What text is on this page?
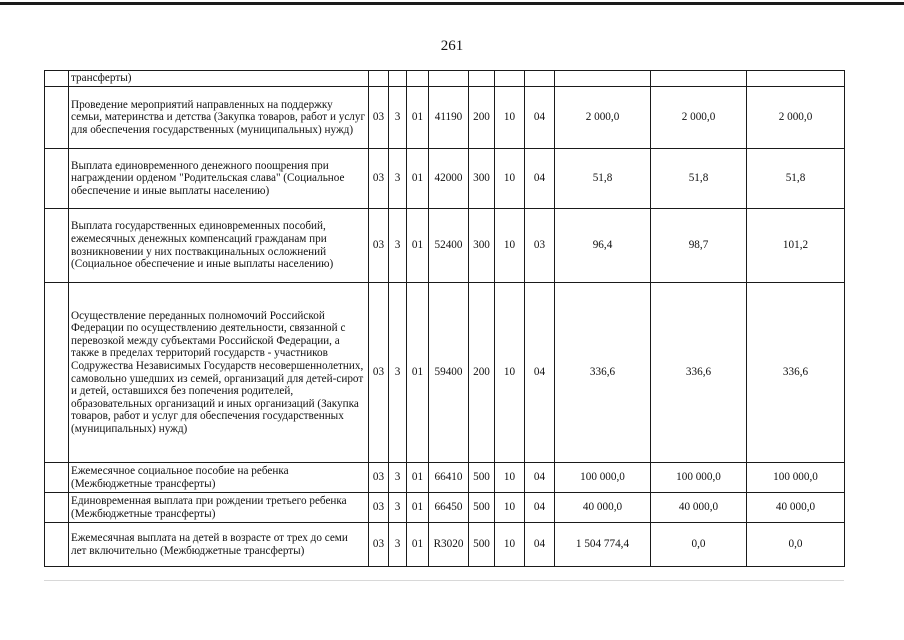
261
	трансферты)										
	Проведение мероприятий направленных на поддержку семьи, материнства и детства (Закупка товаров, работ и услуг для обеспечения государственных (муниципальных) нужд)	03	3	01	41190	200	10	04	2 000,0	2 000,0	2 000,0
	Выплата единовременного денежного поощрения при награждении орденом "Родительская слава" (Социальное обеспечение и иные выплаты населению)	03	3	01	42000	300	10	04	51,8	51,8	51,8
	Выплата государственных единовременных пособий, ежемесячных денежных компенсаций гражданам при возникновении у них поствакцинальных осложнений (Социальное обеспечение и иные выплаты населению)	03	3	01	52400	300	10	03	96,4	98,7	101,2
	Осуществление переданных полномочий Российской Федерации по осуществлению деятельности, связанной с перевозкой между субъектами Российской Федерации, а также в пределах территорий государств - участников Содружества Независимых Государств несовершеннолетних, самовольно ушедших из семей, организаций для детей-сирот и детей, оставшихся без попечения родителей, образовательных организаций и иных организаций (Закупка товаров, работ и услуг для обеспечения государственных (муниципальных) нужд)	03	3	01	59400	200	10	04	336,6	336,6	336,6
	Ежемесячное социальное пособие на ребенка (Межбюджетные трансферты)	03	3	01	66410	500	10	04	100 000,0	100 000,0	100 000,0
	Единовременная выплата при рождении третьего ребенка (Межбюджетные трансферты)	03	3	01	66450	500	10	04	40 000,0	40 000,0	40 000,0
	Ежемесячная выплата на детей в возрасте от трех до семи лет включительно (Межбюджетные трансферты)	03	3	01	R3020	500	10	04	1 504 774,4	0,0	0,0
